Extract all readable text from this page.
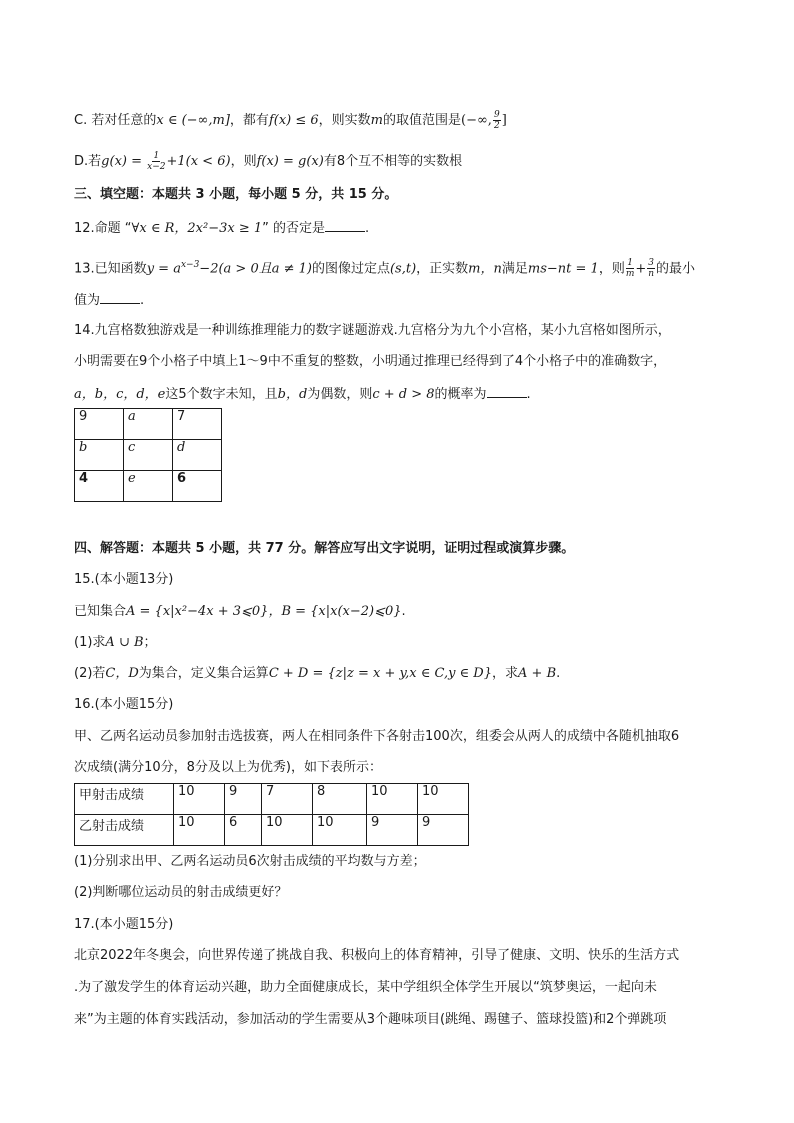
C. 若对任意的x ∈ (−∞,m]，都有f(x) ≤ 6，则实数m的取值范围是(−∞, $\frac{9}{2}$ ]
D.若$g(x) = \frac{1}{x-2} +1(x < 6)$，则f(x) = g(x)有8个互不相等的实数根
三、填空题：本题共 3 小题，每小题 5 分，共 15 分。
12.命题 “∀x ∈ R，2x²−3x ≥ 1” 的否定是	.
13.已知函数$y = a^{x-3}-2(a > 0$且a ≠ 1)的图像过定点(s,t)，正实数m，n满足ms−nt = 1，则 $\frac{1}{m} + \frac{3}{n}$ 的最小
值为	.
14.九宫格数独游戏是一种训练推理能力的数字谜题游戏.九宫格分为九个小宫格，某小九宫格如图所示，
小明需要在9个小格子中填上1～9中不重复的整数，小明通过推理已经得到了4个小格子中的准确数字，
a，b，c，d，e这5个数字未知，且b，d为偶数，则c + d > 8的概率为	.
9	a	7
b	c	d
4	e	6
四、解答题：本题共 5 小题，共 77 分。解答应写出文字说明，证明过程或演算步骤。
15.(本小题13分)
已知集合A = {x|x²−4x + 3⩽0}，B = {x|x(x−2)⩽0}.
(1)求A ∪ B；
(2)若C，D为集合，定义集合运算C + D = {z|z = x + y,x ∈ C,y ∈ D}，求A + B.
16.(本小题15分)
甲、乙两名运动员参加射击选拔赛，两人在相同条件下各射击100次，组委会从两人的成绩中各随机抽取6
次成绩(满分10分，8分及以上为优秀)，如下表所示：
甲射击成绩	10	9	7	8	10	10
乙射击成绩	10	6	10	10	9	9
(1)分别求出甲、乙两名运动员6次射击成绩的平均数与方差；
(2)判断哪位运动员的射击成绩更好？
17.(本小题15分)
北京2022年冬奥会，向世界传递了挑战自我、积极向上的体育精神，引导了健康、文明、快乐的生活方式
.为了激发学生的体育运动兴趣，助力全面健康成长，某中学组织全体学生开展以“筑梦奥运，一起向未
来”为主题的体育实践活动，参加活动的学生需要从3个趣味项目(跳绳、踢毽子、篮球投篮)和2个弹跳项
